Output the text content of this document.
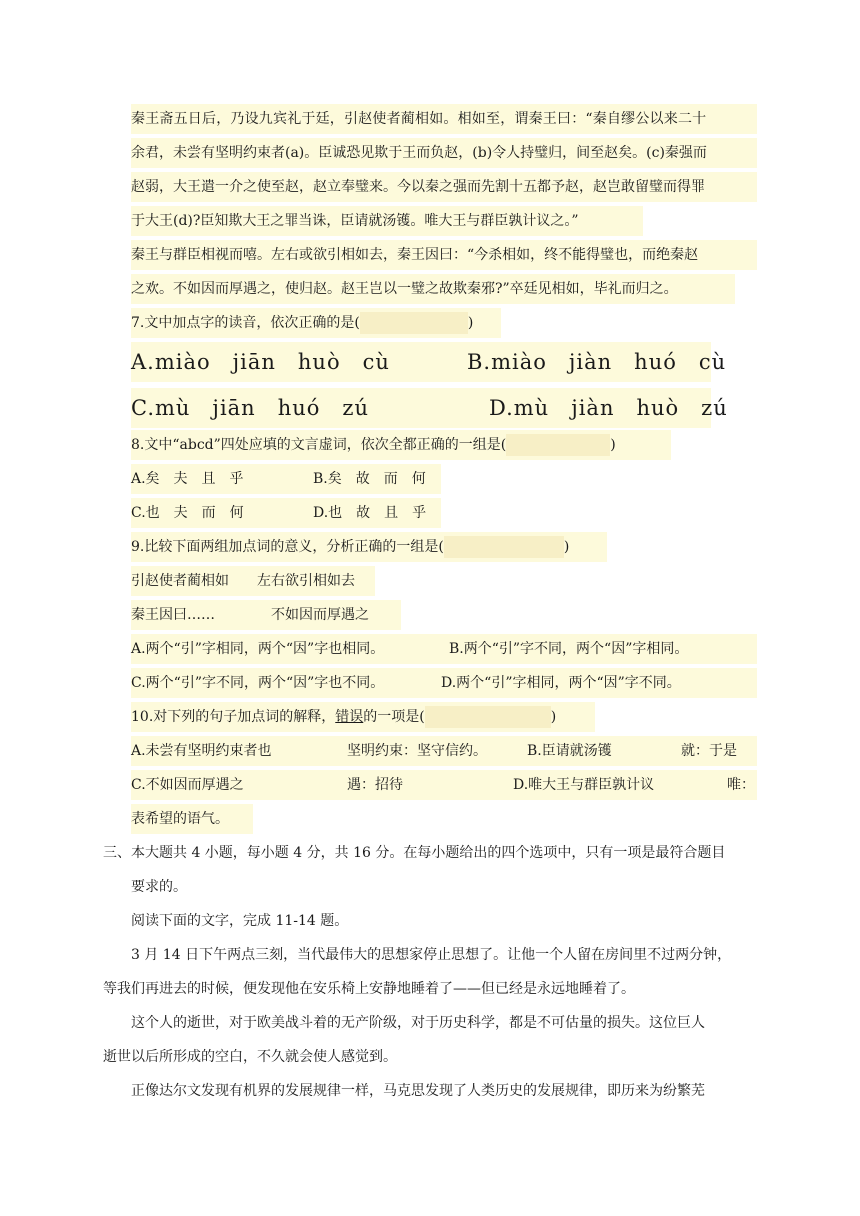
秦王斋五日后，乃设九宾礼于廷，引赵使者蔺相如。相如至，谓秦王曰：“秦自缪公以来二十
余君，未尝有坚明约束者(a)。臣诚恐见欺于王而负赵，(b)令人持璧归，间至赵矣。(c)秦强而
赵弱，大王遣一介之使至赵，赵立奉璧来。今以秦之强而先割十五都予赵，赵岂敢留璧而得罪
于大王(d)?臣知欺大王之罪当诛，臣请就汤镬。唯大王与群臣孰计议之。”
秦王与群臣相视而嘻。左右或欲引相如去，秦王因曰：“今杀相如，终不能得璧也，而绝秦赵
之欢。不如因而厚遇之，使归赵。赵王岂以一璧之故欺秦邪?”卒廷见相如，毕礼而归之。
7.文中加点字的读音，依次正确的是(	)
A.miào　jiān　huò　cù	B.miào　jiàn　huó　cù
C.mù　jiān　huó　zú	D.mù　jiàn　huò　zú
8.文中“abcd”四处应填的文言虚词，依次全都正确的一组是(	)
A.矣　夫　且　乎	B.矣　故　而　何
C.也　夫　而　何	D.也　故　且　乎
9.比较下面两组加点词的意义，分析正确的一组是(	)
引赵使者蔺相如 左右欲引相如去
秦王因曰……	不如因而厚遇之
A.两个“引”字相同，两个“因”字也相同。	B.两个“引”字不同，两个“因”字相同。
C.两个“引”字不同，两个“因”字也不同。	D.两个“引”字相同，两个“因”字不同。
10.对下列的句子加点词的解释，错误的一项是(	)
A.未尝有坚明约束者也	坚明约束：坚守信约。	B.臣请就汤镬	就：于是
C.不如因而厚遇之	遇：招待	D.唯大王与群臣孰计议	唯：
表希望的语气。
三、本大题共 4 小题，每小题 4 分，共 16 分。在每小题给出的四个选项中，只有一项是最符合题目
要求的。
阅读下面的文字，完成 11-14 题。
3 月 14 日下午两点三刻，当代最伟大的思想家停止思想了。让他一个人留在房间里不过两分钟，
等我们再进去的时候，便发现他在安乐椅上安静地睡着了——但已经是永远地睡着了。
这个人的逝世，对于欧美战斗着的无产阶级，对于历史科学，都是不可估量的损失。这位巨人
逝世以后所形成的空白，不久就会使人感觉到。
正像达尔文发现有机界的发展规律一样，马克思发现了人类历史的发展规律，即历来为纷繁芜
